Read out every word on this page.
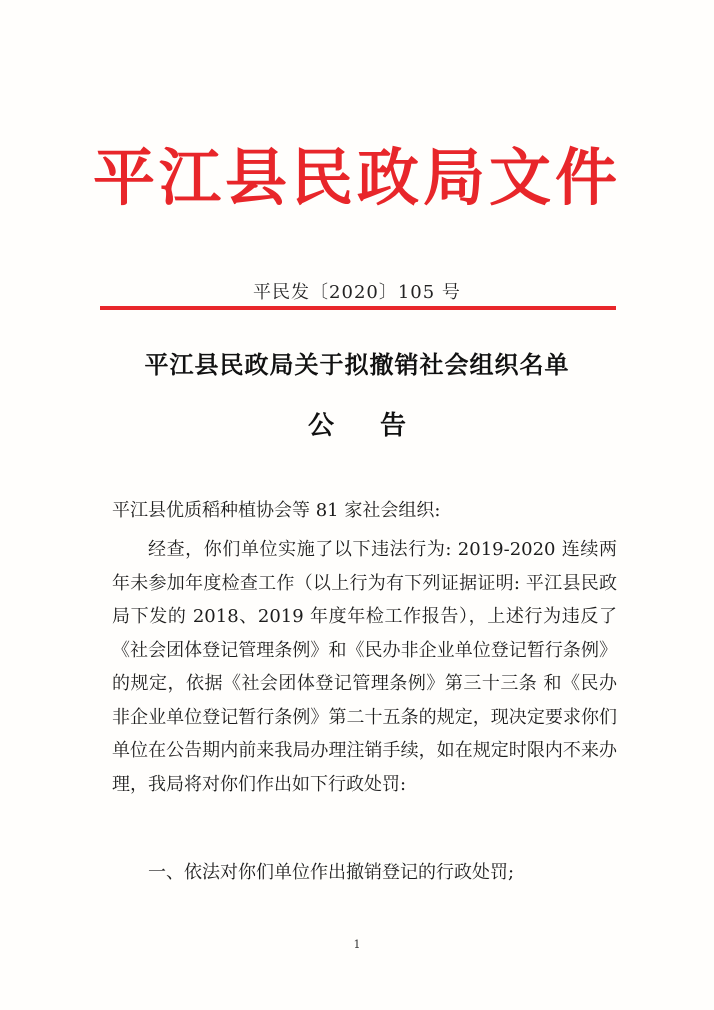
平江县民政局文件
平民发〔2020〕105 号
平江县民政局关于拟撤销社会组织名单
公告
平江县优质稻种植协会等 81 家社会组织:
经查，你们单位实施了以下违法行为: 2019-2020 连续两年未参加年度检查工作（以上行为有下列证据证明: 平江县民政局下发的 2018、2019 年度年检工作报告），上述行为违反了《社会团体登记管理条例》和《民办非企业单位登记暂行条例》的规定，依据《社会团体登记管理条例》第三十三条 和《民办非企业单位登记暂行条例》第二十五条的规定，现决定要求你们单位在公告期内前来我局办理注销手续，如在规定时限内不来办理，我局将对你们作出如下行政处罚:
一、依法对你们单位作出撤销登记的行政处罚;
1
